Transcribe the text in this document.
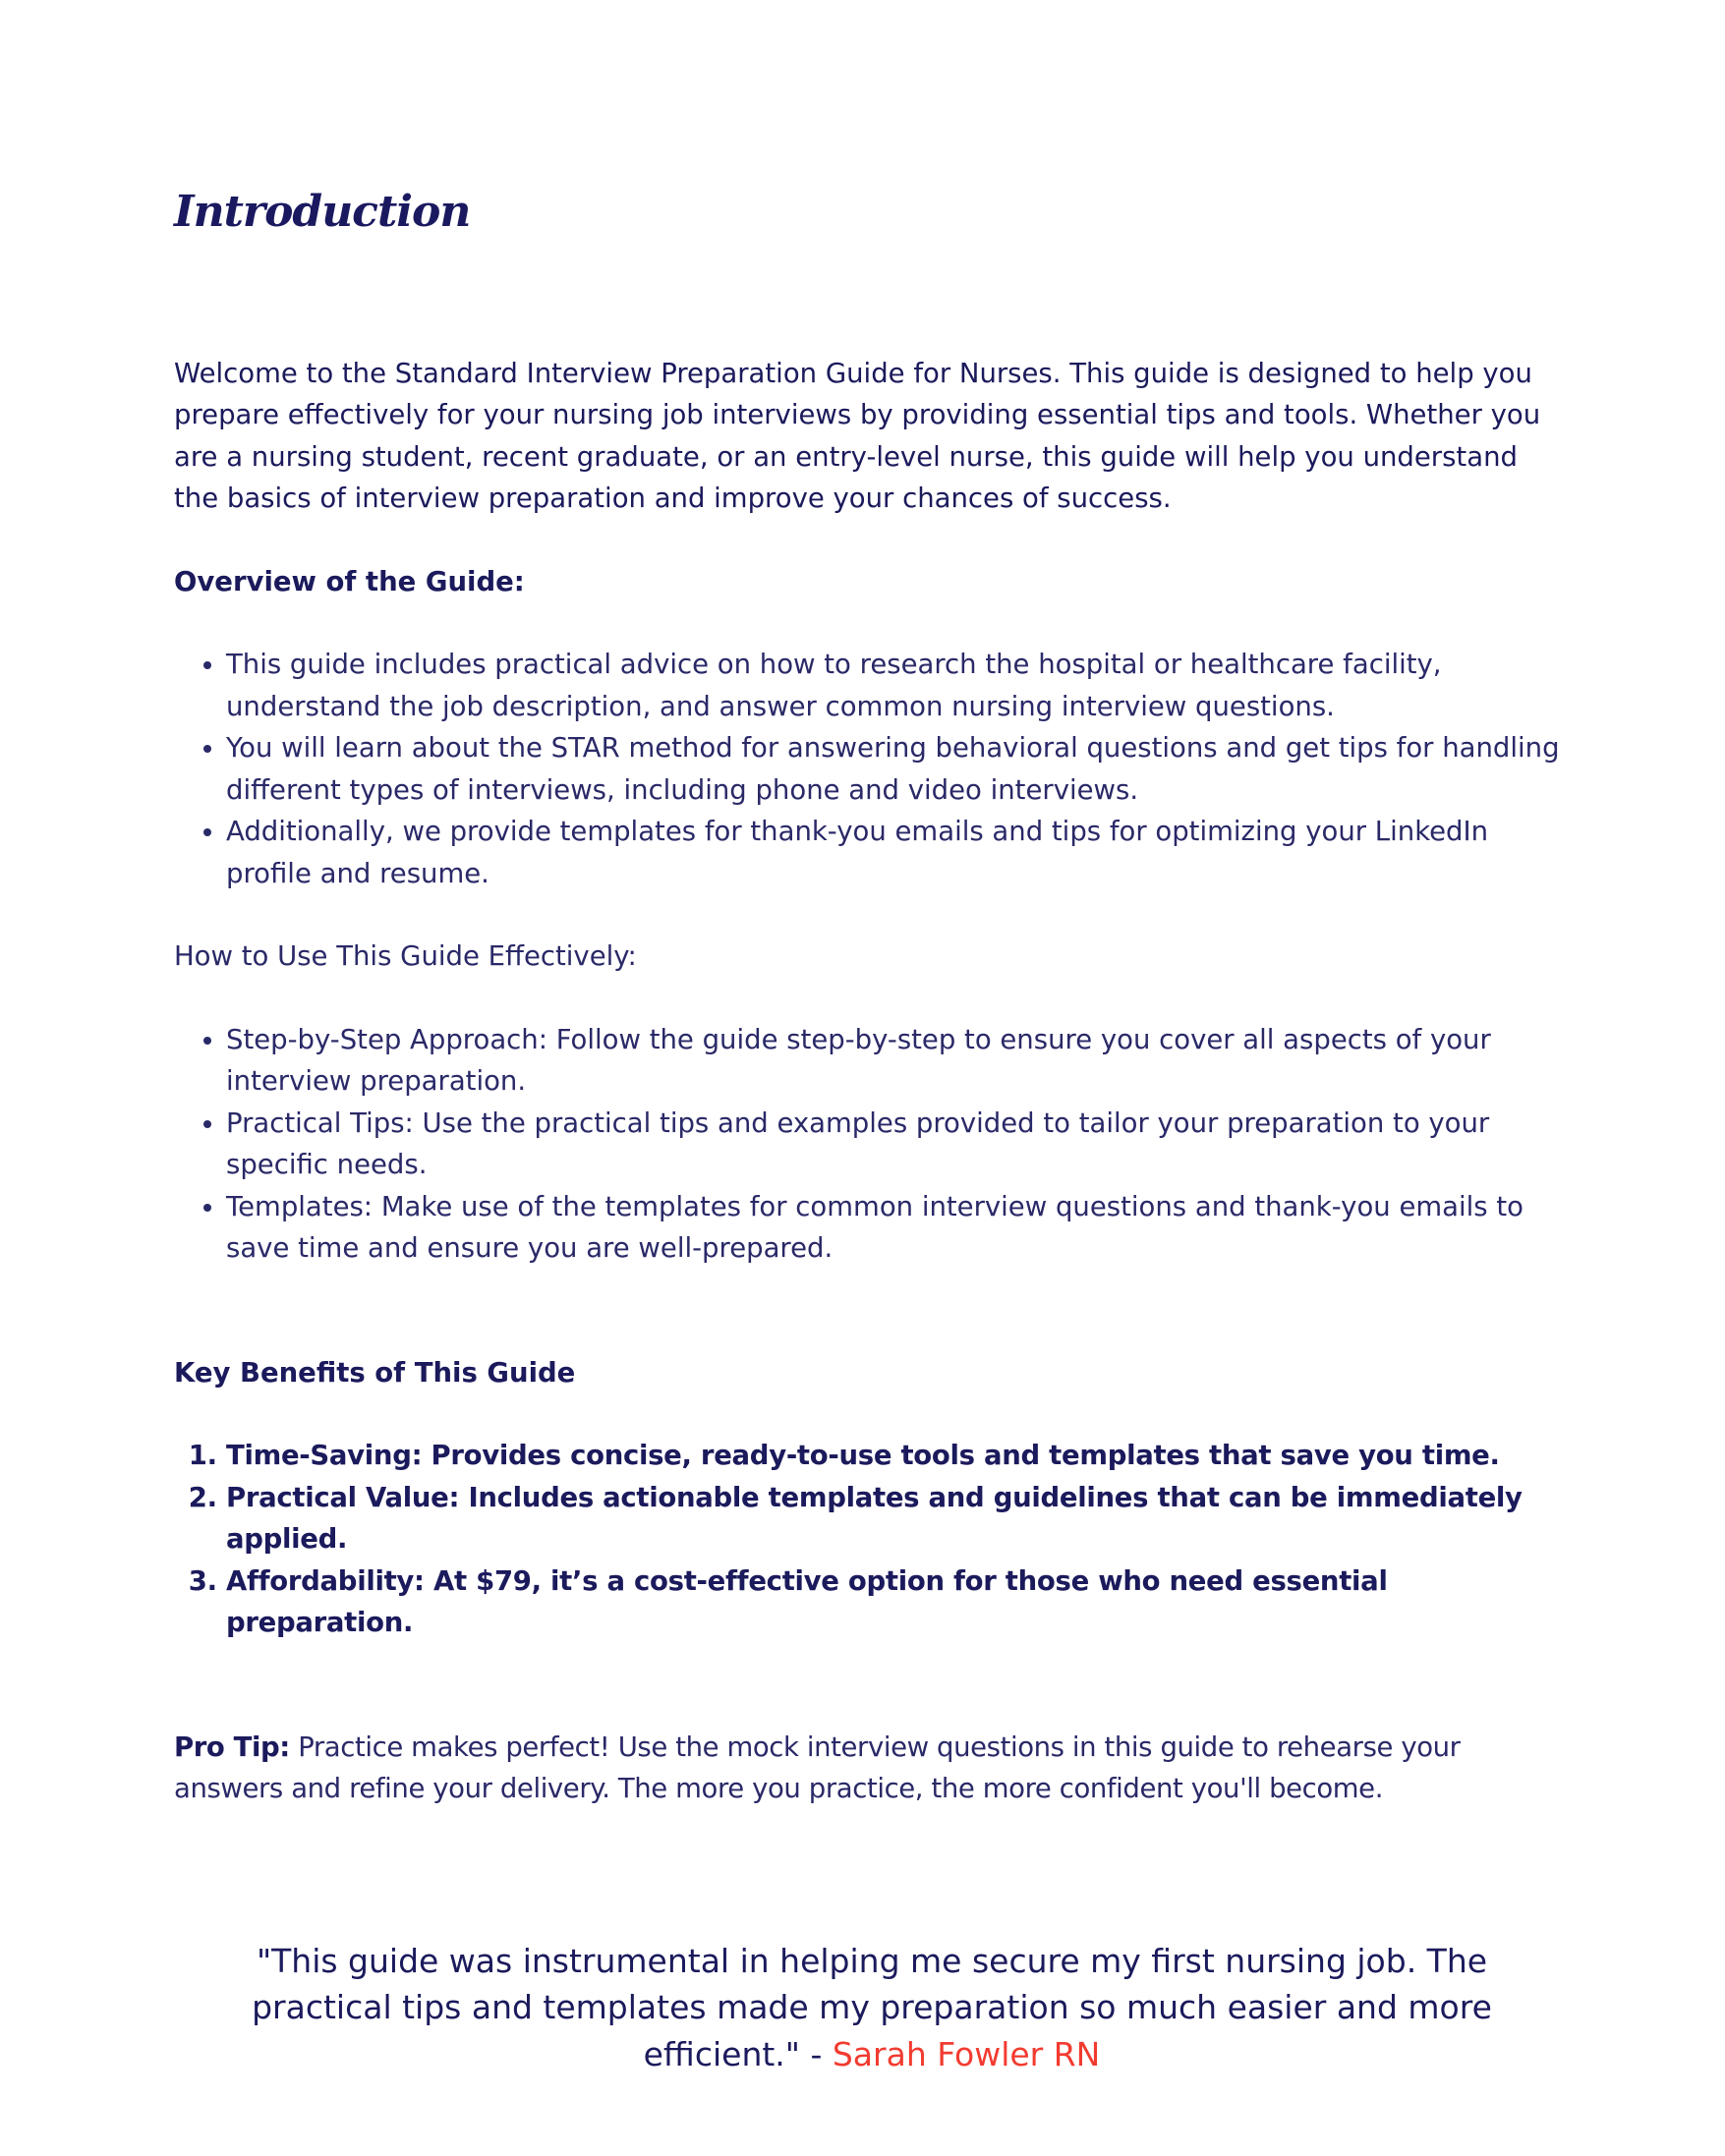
Introduction

Welcome to the Standard Interview Preparation Guide for Nurses. This guide is designed to help you prepare effectively for your nursing job interviews by providing essential tips and tools. Whether you are a nursing student, recent graduate, or an entry-level nurse, this guide will help you understand the basics of interview preparation and improve your chances of success.

Overview of the Guide:

• This guide includes practical advice on how to research the hospital or healthcare facility, understand the job description, and answer common nursing interview questions.
• You will learn about the STAR method for answering behavioral questions and get tips for handling different types of interviews, including phone and video interviews.
• Additionally, we provide templates for thank-you emails and tips for optimizing your LinkedIn profile and resume.

How to Use This Guide Effectively:

• Step-by-Step Approach: Follow the guide step-by-step to ensure you cover all aspects of your interview preparation.
• Practical Tips: Use the practical tips and examples provided to tailor your preparation to your specific needs.
• Templates: Make use of the templates for common interview questions and thank-you emails to save time and ensure you are well-prepared.

Key Benefits of This Guide

1. Time-Saving: Provides concise, ready-to-use tools and templates that save you time.
2. Practical Value: Includes actionable templates and guidelines that can be immediately applied.
3. Affordability: At $79, it’s a cost-effective option for those who need essential preparation.

Pro Tip: Practice makes perfect! Use the mock interview questions in this guide to rehearse your answers and refine your delivery. The more you practice, the more confident you'll become.

"This guide was instrumental in helping me secure my first nursing job. The practical tips and templates made my preparation so much easier and more efficient." - Sarah Fowler RN
